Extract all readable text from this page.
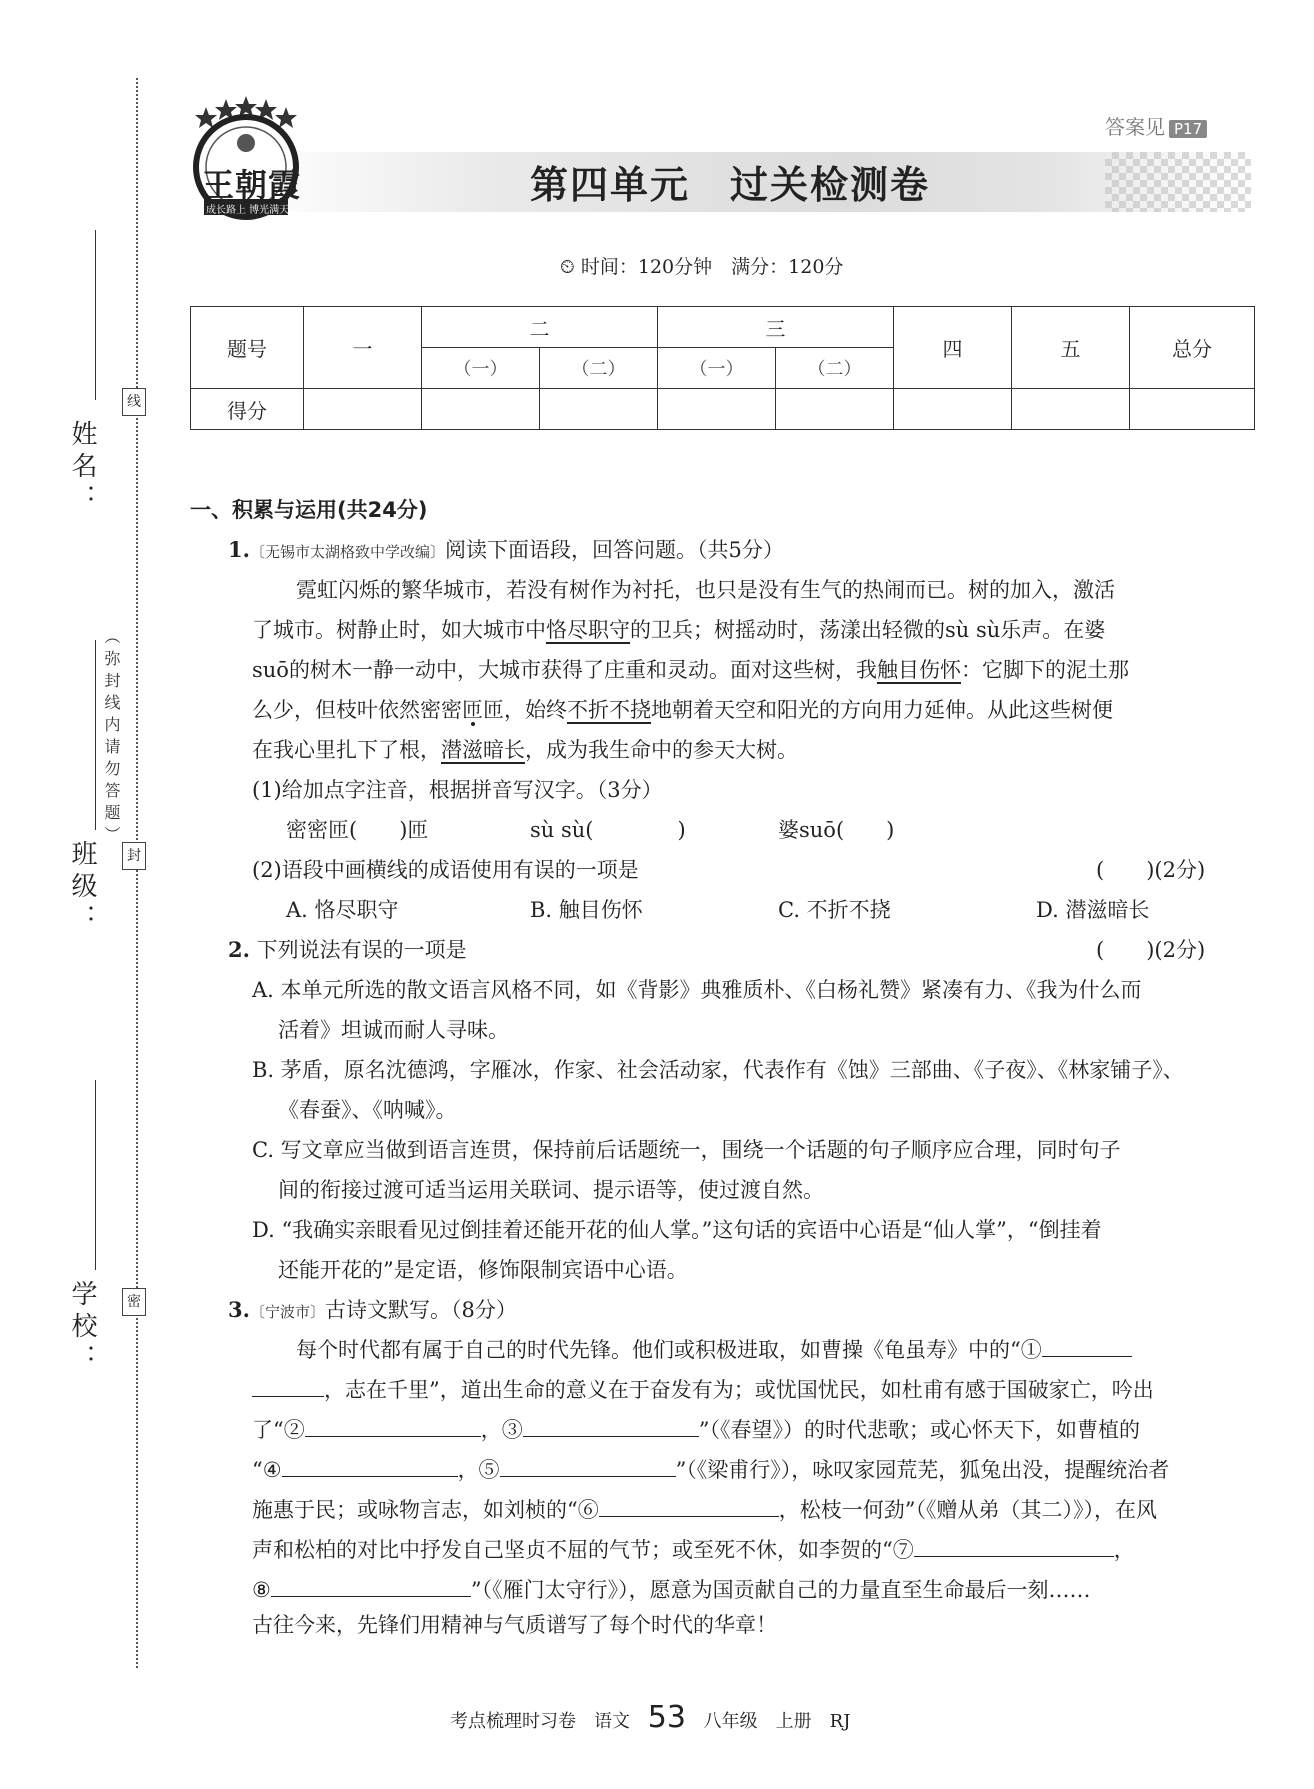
姓名：
班级：
学校：
线
封
密
（弥封线内请勿答题）
王朝霞
成长路上 博光满天
第四单元　过关检测卷
答案见 P17
⏲ 时间：120分钟　满分：120分
题号	一	二		三		四	五	总分
		（一）	（二）	（一）	（二）			
得分								
一、积累与运用(共24分)
1.〔无锡市太湖格致中学改编〕阅读下面语段，回答问题。（共5分）
霓虹闪烁的繁华城市，若没有树作为衬托，也只是没有生气的热闹而已。树的加入，激活
了城市。树静止时，如大城市中恪尽职守的卫兵；树摇动时，荡漾出轻微的sù sù乐声。在婆
suō的树木一静一动中，大城市获得了庄重和灵动。面对这些树，我触目伤怀：它脚下的泥土那
么少，但枝叶依然密密匝匝，始终不折不挠地朝着天空和阳光的方向用力延伸。从此这些树便
在我心里扎下了根，潜滋暗长，成为我生命中的参天大树。
(1)给加点字注音，根据拼音写汉字。（3分）
密密匝(　　)匝	sù sù(　　　　)	婆suō(　　)
(2)语段中画横线的成语使用有误的一项是	(　　)(2分)
A. 恪尽职守	B. 触目伤怀	C. 不折不挠	D. 潜滋暗长
2. 下列说法有误的一项是	(　　)(2分)
A. 本单元所选的散文语言风格不同，如《背影》典雅质朴、《白杨礼赞》紧凑有力、《我为什么而
活着》坦诚而耐人寻味。
B. 茅盾，原名沈德鸿，字雁冰，作家、社会活动家，代表作有《蚀》三部曲、《子夜》、《林家铺子》、
《春蚕》、《呐喊》。
C. 写文章应当做到语言连贯，保持前后话题统一，围绕一个话题的句子顺序应合理，同时句子
间的衔接过渡可适当运用关联词、提示语等，使过渡自然。
D. “我确实亲眼看见过倒挂着还能开花的仙人掌。”这句话的宾语中心语是“仙人掌”，“倒挂着
还能开花的”是定语，修饰限制宾语中心语。
3.〔宁波市〕古诗文默写。（8分）
每个时代都有属于自己的时代先锋。他们或积极进取，如曹操《龟虽寿》中的“①
，志在千里”，道出生命的意义在于奋发有为；或忧国忧民，如杜甫有感于国破家亡，吟出
了“②	，③	”（《春望》）的时代悲歌；或心怀天下，如曹植的
“④	，⑤	”（《梁甫行》），咏叹家园荒芜，狐兔出没，提醒统治者
施惠于民；或咏物言志，如刘桢的“⑥	，松枝一何劲”（《赠从弟（其二）》），在风
声和松柏的对比中抒发自己坚贞不屈的气节；或至死不休，如李贺的“⑦	，
⑧	”（《雁门太守行》），愿意为国贡献自己的力量直至生命最后一刻……
古往今来，先锋们用精神与气质谱写了每个时代的华章！
考点梳理时习卷　语文 53 八年级　上册　RJ
